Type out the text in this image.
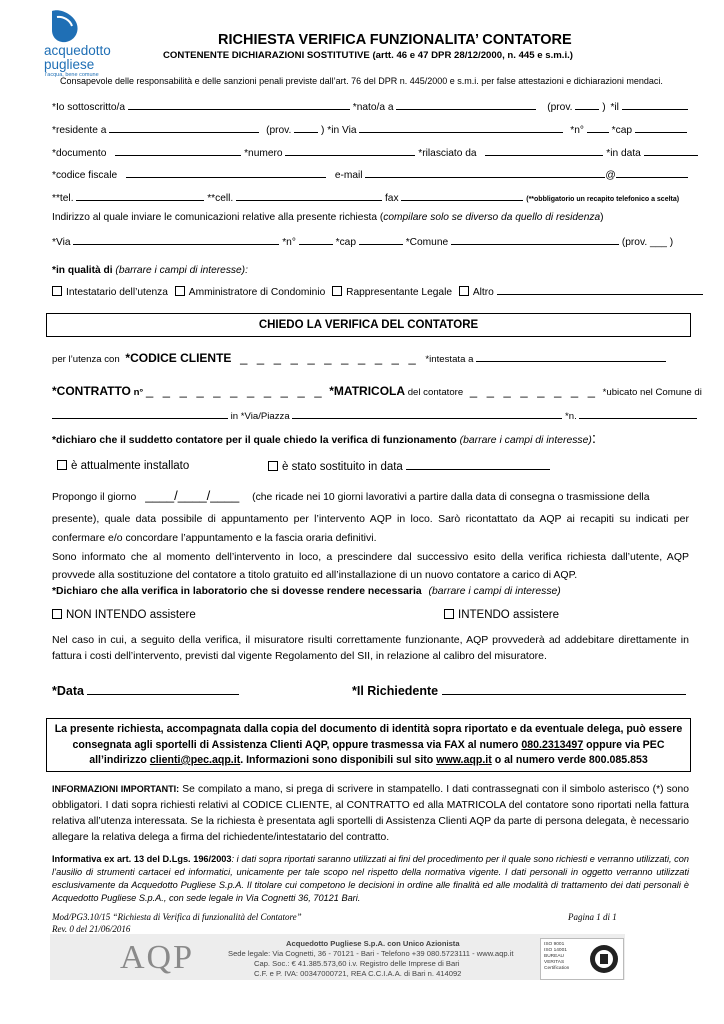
acquedotto
pugliese
l'acqua, bene comune
RICHIESTA VERIFICA FUNZIONALITA’ CONTATORE
CONTENENTE DICHIARAZIONI SOSTITUTIVE (artt. 46 e 47 DPR 28/12/2000, n. 445 e s.m.i.)
Consapevole delle responsabilità e delle sanzioni penali previste dall’art. 76 del DPR n. 445/2000 e s.m.i. per false attestazioni e dichiarazioni mendaci.
*Io sottoscritto/a	*nato/a a	(prov.	) *il
*residente a	(prov.	) *in Via	*n°	*cap
*documento	*numero	*rilasciato da	*in data
*codice fiscale	e-mail	@
**tel.	**cell.	fax	(**obbligatorio un recapito telefonico a scelta)
Indirizzo al quale inviare le comunicazioni relative alla presente richiesta (compilare solo se diverso da quello di residenza)
*Via	*n°	*cap	*Comune	(prov. ___ )
*in qualità di (barrare i campi di interesse):
Intestatario dell’utenza Amministratore di Condominio Rappresentante Legale Altro
CHIEDO LA VERIFICA DEL CONTATORE
per l’utenza con *CODICE CLIENTE _ _ _ _ _ _ _ _ _ _ _ *intestata a
*CONTRATTO n° _ _ _ _ _ _ _ _ _ _ _ *MATRICOLA del contatore _ _ _ _ _ _ _ _ *ubicato nel Comune di
in *Via/Piazza	*n.
*dichiaro che il suddetto contatore per il quale chiedo la verifica di funzionamento (barrare i campi di interesse):
è attualmente installato	è stato sostituito in data
Propongo il giorno ____/____/____ (che ricade nei 10 giorni lavorativi a partire dalla data di consegna o trasmissione della
presente), quale data possibile di appuntamento per l’intervento AQP in loco. Sarò ricontattato da AQP ai recapiti su indicati per confermare e/o concordare l’appuntamento e la fascia oraria definitivi.
Sono informato che al momento dell’intervento in loco, a prescindere dal successivo esito della verifica richiesta dall’utente, AQP provvede alla sostituzione del contatore a titolo gratuito ed all’installazione di un nuovo contatore a carico di AQP.
*Dichiaro che alla verifica in laboratorio che si dovesse rendere necessaria (barrare i campi di interesse)
NON INTENDO assistere	INTENDO assistere
Nel caso in cui, a seguito della verifica, il misuratore risulti correttamente funzionante, AQP provvederà ad addebitare direttamente in fattura i costi dell’intervento, previsti dal vigente Regolamento del SII, in relazione al calibro del misuratore.
*Data	*Il Richiedente
La presente richiesta, accompagnata dalla copia del documento di identità sopra riportato e da eventuale delega, può essere consegnata agli sportelli di Assistenza Clienti AQP, oppure trasmessa via FAX al numero 080.2313497 oppure via PEC all’indirizzo clienti@pec.aqp.it. Informazioni sono disponibili sul sito www.aqp.it o al numero verde 800.085.853
INFORMAZIONI IMPORTANTI: Se compilato a mano, si prega di scrivere in stampatello. I dati contrassegnati con il simbolo asterisco (*) sono obbligatori. I dati sopra richiesti relativi al CODICE CLIENTE, al CONTRATTO ed alla MATRICOLA del contatore sono riportati nella fattura relativa all’utenza interessata. Se la richiesta è presentata agli sportelli di Assistenza Clienti AQP da parte di persona delegata, è necessario allegare la relativa delega a firma del richiedente/intestatario del contratto.
Informativa ex art. 13 del D.Lgs. 196/2003: i dati sopra riportati saranno utilizzati ai fini del procedimento per il quale sono richiesti e verranno utilizzati, con l’ausilio di strumenti cartacei ed informatici, unicamente per tale scopo nel rispetto della normativa vigente. I dati personali in oggetto verranno utilizzati esclusivamente da Acquedotto Pugliese S.p.A. Il titolare cui competono le decisioni in ordine alle finalità ed alle modalità di trattamento dei dati personali è Acquedotto Pugliese S.p.A., con sede legale in Via Cognetti 36, 70121 Bari.
Mod/PG3.10/15 “Richiesta di Verifica di funzionalità del Contatore”
Rev. 0 del 21/06/2016
Pagina 1 di 1
AQP	Acquedotto Pugliese S.p.A. con Unico Azionista
Sede legale: Via Cognetti, 36 - 70121 - Bari - Telefono +39 080.5723111 - www.aqp.it
Cap. Soc.: € 41.385.573,60 i.v. Registro delle Imprese di Bari
C.F. e P. IVA: 00347000721, REA C.C.I.A.A. di Bari n. 414092
ISO 9001
ISO 14001
BUREAU VERITAS Certification
